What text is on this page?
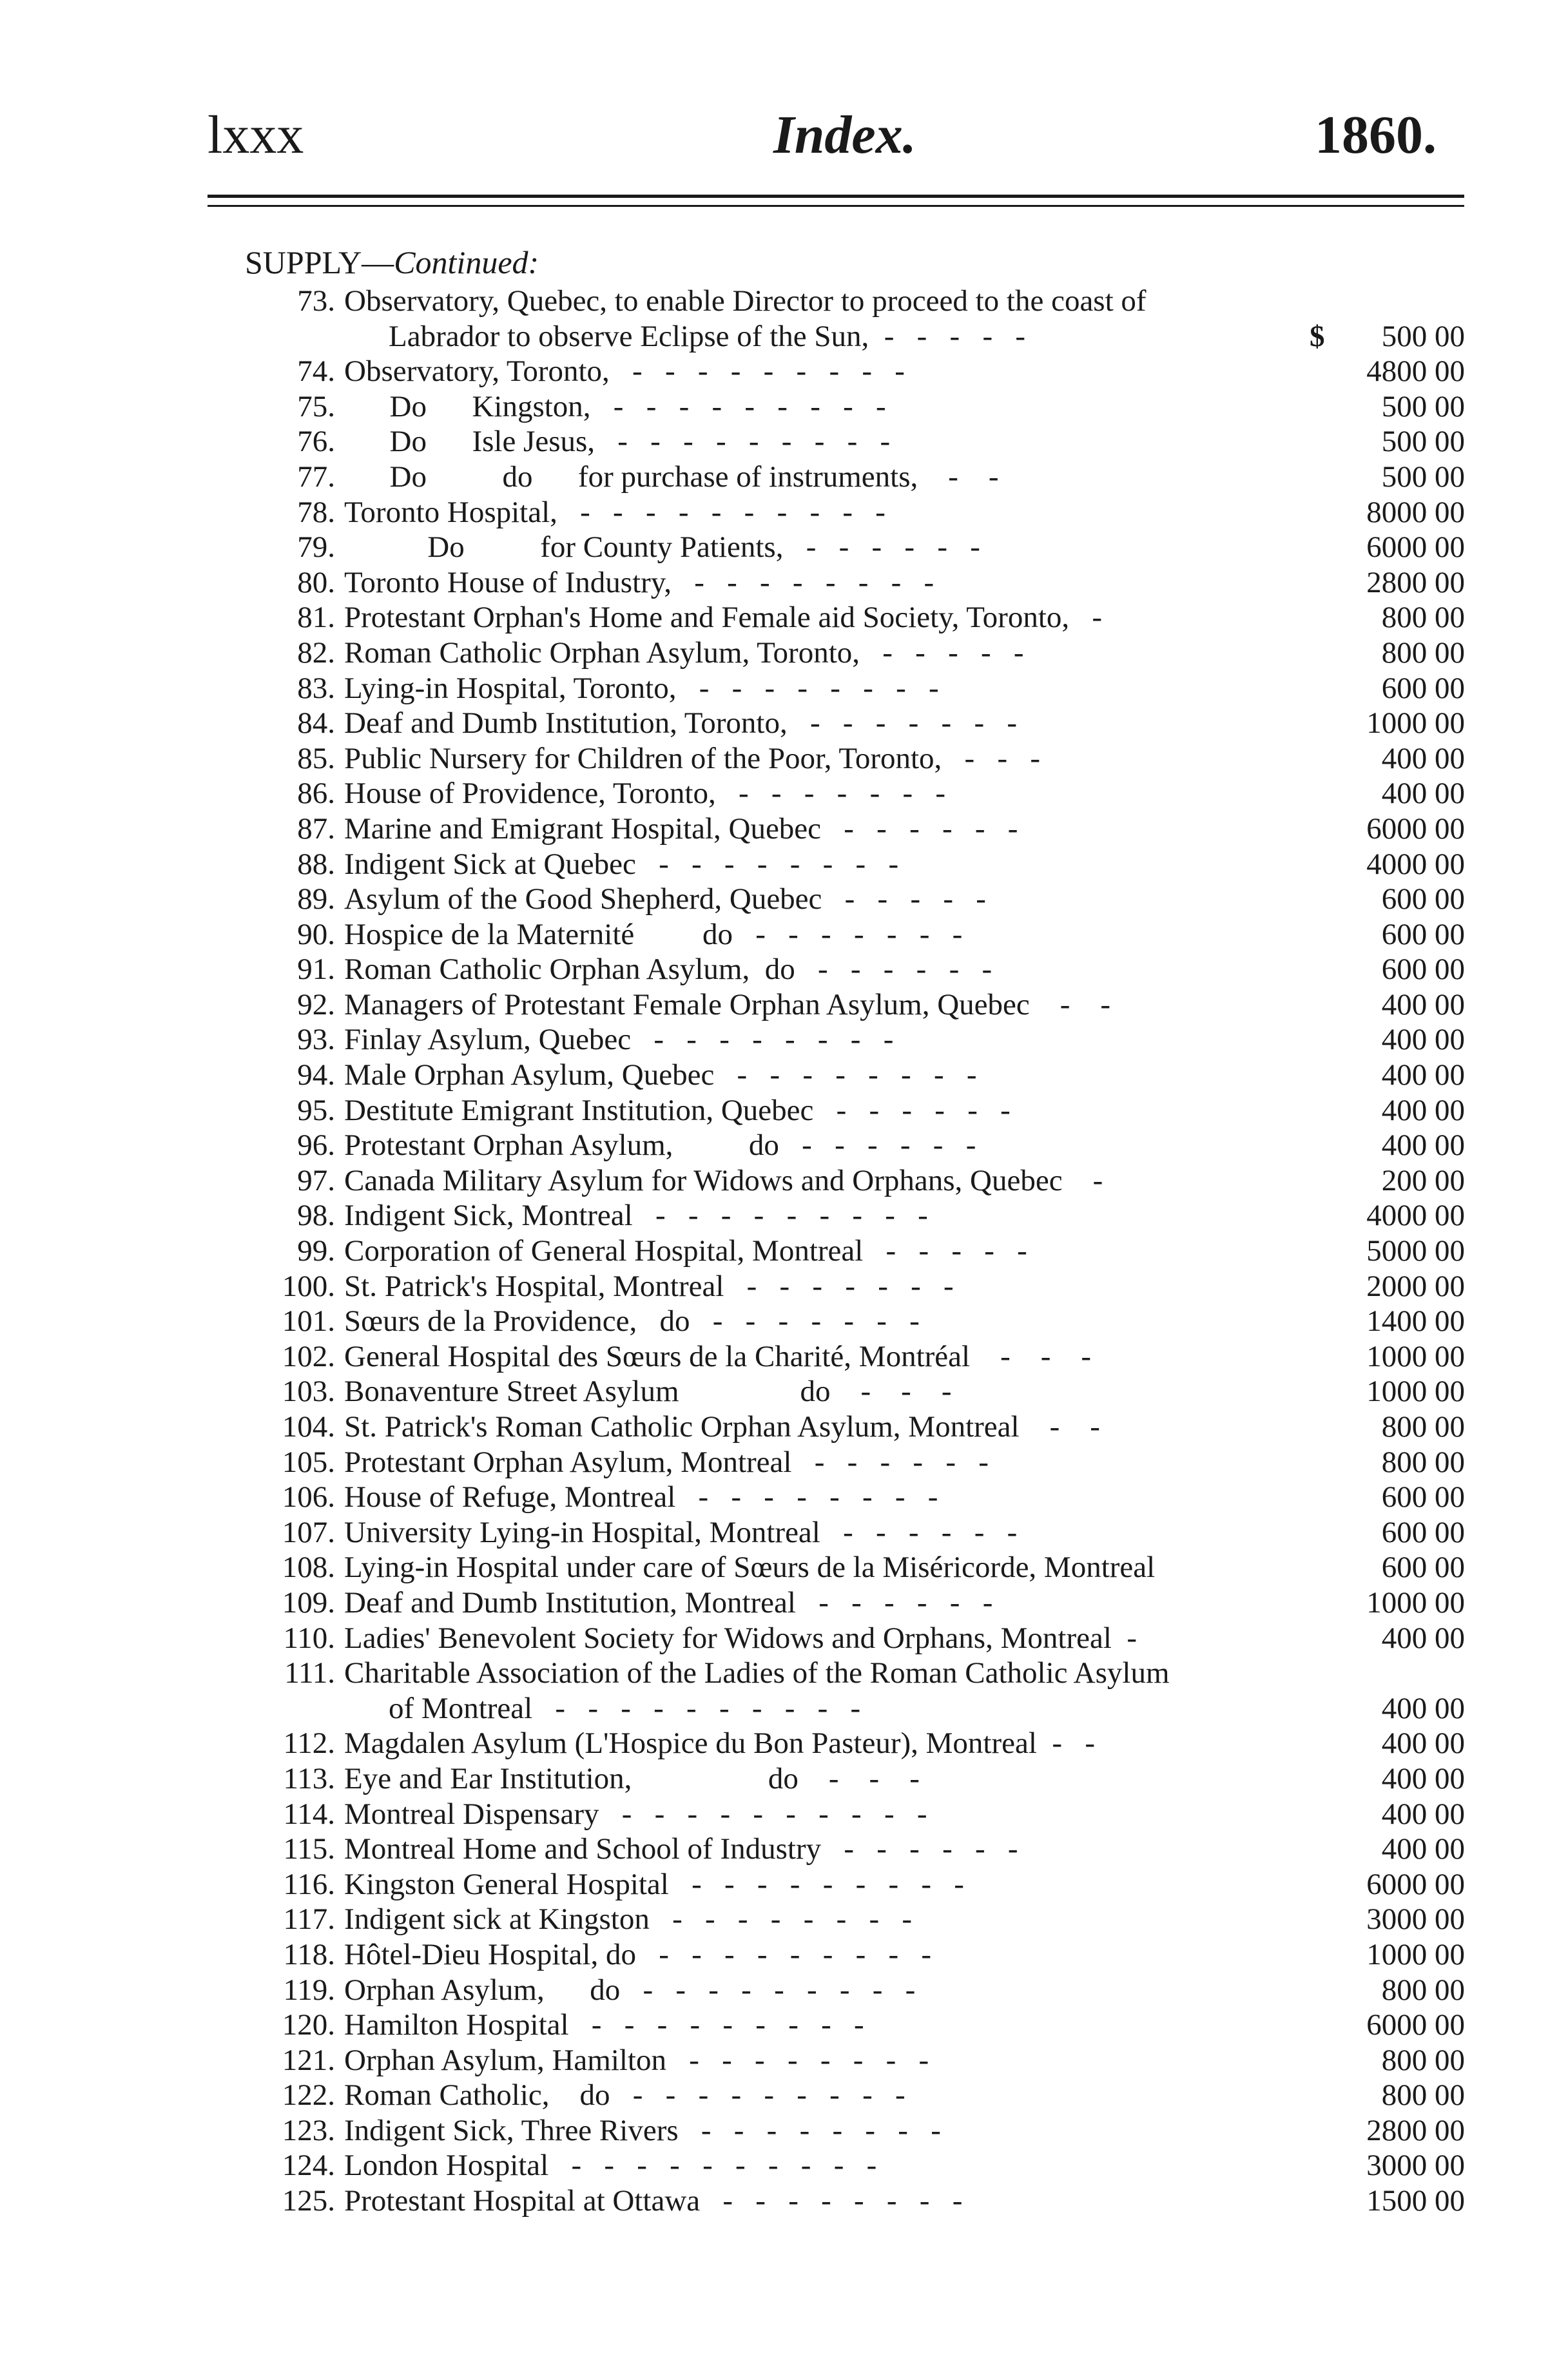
lxxx	Index.	1860.
SUPPLY—Continued:
73. Observatory, Quebec, to enable Director to proceed to the coast of
Labrador to observe Eclipse of the Sun,  -   -   -   -   -	$ 500 00
74. Observatory, Toronto,   -   -   -   -   -   -   -   -   -	4800 00
75. Do      Kingston,   -   -   -   -   -   -   -   -   -	500 00
76. Do      Isle Jesus,   -   -   -   -   -   -   -   -   -	500 00
77. Do          do      for purchase of instruments,    -    -	500 00
78. Toronto Hospital,   -   -   -   -   -   -   -   -   -   -	8000 00
79. Do          for County Patients,   -   -   -   -   -   -	6000 00
80. Toronto House of Industry,   -   -   -   -   -   -   -   -	2800 00
81. Protestant Orphan's Home and Female aid Society, Toronto,   -	800 00
82. Roman Catholic Orphan Asylum, Toronto,   -   -   -   -   -	800 00
83. Lying-in Hospital, Toronto,   -   -   -   -   -   -   -   -	600 00
84. Deaf and Dumb Institution, Toronto,   -   -   -   -   -   -   -	1000 00
85. Public Nursery for Children of the Poor, Toronto,   -   -   -	400 00
86. House of Providence, Toronto,   -   -   -   -   -   -   -	400 00
87. Marine and Emigrant Hospital, Quebec   -   -   -   -   -   -	6000 00
88. Indigent Sick at Quebec   -   -   -   -   -   -   -   -	4000 00
89. Asylum of the Good Shepherd, Quebec   -   -   -   -   -	600 00
90. Hospice de la Maternité         do   -   -   -   -   -   -   -	600 00
91. Roman Catholic Orphan Asylum,  do   -   -   -   -   -   -	600 00
92. Managers of Protestant Female Orphan Asylum, Quebec    -    -	400 00
93. Finlay Asylum, Quebec   -   -   -   -   -   -   -   -	400 00
94. Male Orphan Asylum, Quebec   -   -   -   -   -   -   -   -	400 00
95. Destitute Emigrant Institution, Quebec   -   -   -   -   -   -	400 00
96. Protestant Orphan Asylum,          do   -   -   -   -   -   -	400 00
97. Canada Military Asylum for Widows and Orphans, Quebec    -	200 00
98. Indigent Sick, Montreal   -   -   -   -   -   -   -   -   -	4000 00
99. Corporation of General Hospital, Montreal   -   -   -   -   -	5000 00
100. St. Patrick's Hospital, Montreal   -   -   -   -   -   -   -	2000 00
101. Sœurs de la Providence,   do   -   -   -   -   -   -   -	1400 00
102. General Hospital des Sœurs de la Charité, Montréal    -    -    -	1000 00
103. Bonaventure Street Asylum                do    -    -    -	1000 00
104. St. Patrick's Roman Catholic Orphan Asylum, Montreal    -    -	800 00
105. Protestant Orphan Asylum, Montreal   -   -   -   -   -   -	800 00
106. House of Refuge, Montreal   -   -   -   -   -   -   -   -	600 00
107. University Lying-in Hospital, Montreal   -   -   -   -   -   -	600 00
108. Lying-in Hospital under care of Sœurs de la Miséricorde, Montreal	600 00
109. Deaf and Dumb Institution, Montreal   -   -   -   -   -   -	1000 00
110. Ladies' Benevolent Society for Widows and Orphans, Montreal  -	400 00
111. Charitable Association of the Ladies of the Roman Catholic Asylum
of Montreal   -   -   -   -   -   -   -   -   -   -	400 00
112. Magdalen Asylum (L'Hospice du Bon Pasteur), Montreal  -   -	400 00
113. Eye and Ear Institution,                  do    -    -    -	400 00
114. Montreal Dispensary   -   -   -   -   -   -   -   -   -   -	400 00
115. Montreal Home and School of Industry   -   -   -   -   -   -	400 00
116. Kingston General Hospital   -   -   -   -   -   -   -   -   -	6000 00
117. Indigent sick at Kingston   -   -   -   -   -   -   -   -	3000 00
118. Hôtel-Dieu Hospital, do   -   -   -   -   -   -   -   -   -	1000 00
119. Orphan Asylum,      do   -   -   -   -   -   -   -   -   -	800 00
120. Hamilton Hospital   -   -   -   -   -   -   -   -   -	6000 00
121. Orphan Asylum, Hamilton   -   -   -   -   -   -   -   -	800 00
122. Roman Catholic,    do   -   -   -   -   -   -   -   -   -	800 00
123. Indigent Sick, Three Rivers   -   -   -   -   -   -   -   -	2800 00
124. London Hospital   -   -   -   -   -   -   -   -   -   -	3000 00
125. Protestant Hospital at Ottawa   -   -   -   -   -   -   -   -	1500 00
